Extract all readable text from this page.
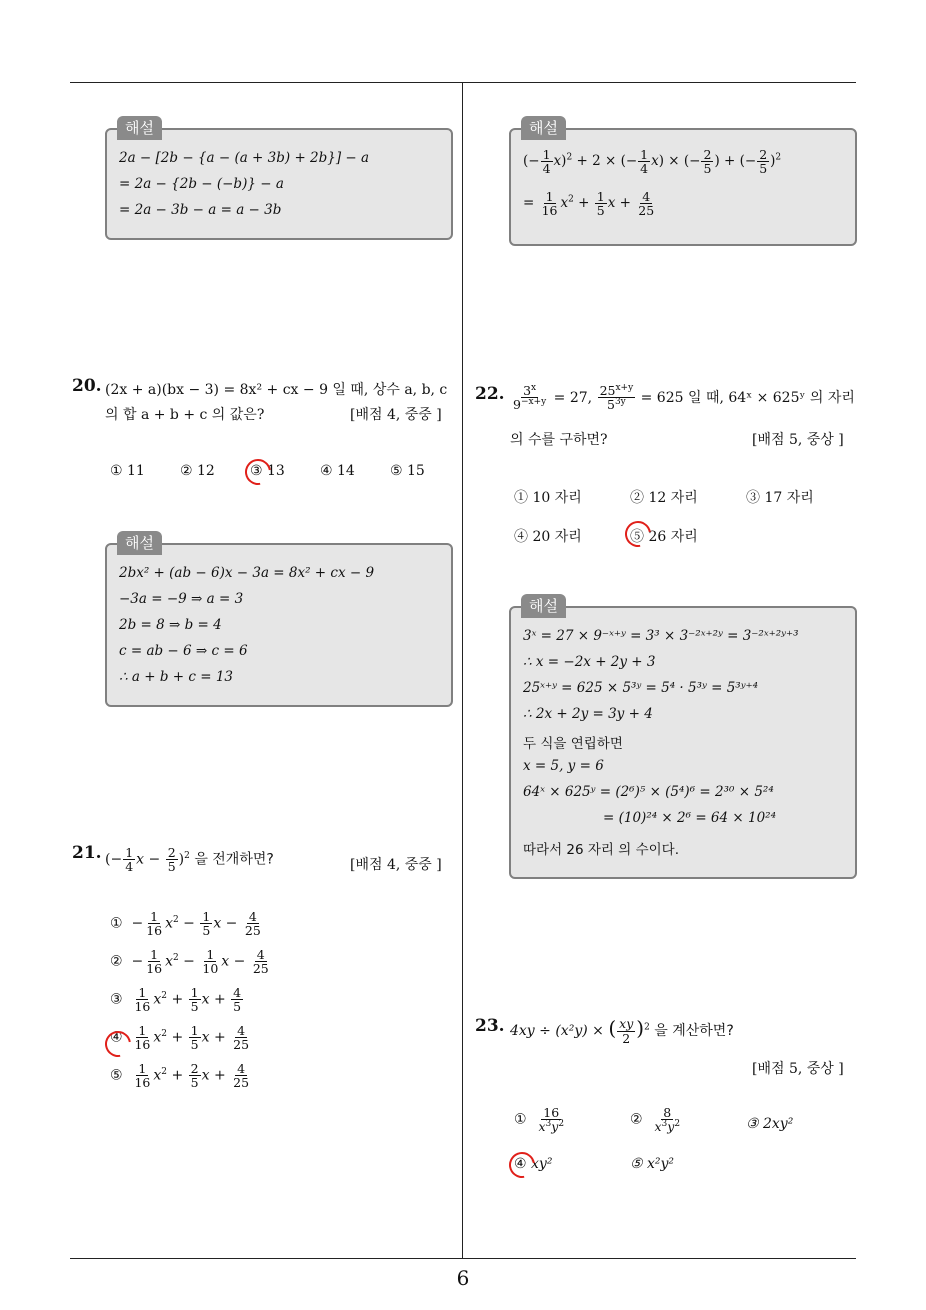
6
해설
2a − [2b − {a − (a + 3b) + 2b}] − a
= 2a − {2b − (−b)} − a
= 2a − 3b − a = a − 3b
20. (2x + a)(bx − 3) = 8x² + cx − 9 일 때, 상수 a, b, c
의 합 a + b + c 의 값은?	[배점 4, 중중 ]
① 11	② 12	③ 13	④ 14	⑤ 15
해설
2bx² + (ab − 6)x − 3a = 8x² + cx − 9
−3a = −9 ⇒ a = 3
2b = 8 ⇒ b = 4
c = ab − 6 ⇒ c = 6
∴ a + b + c = 13
21. (− $\frac{1}{4}$ $x - \frac{2}{5} )^2$ 을 전개하면?	[배점 4, 중중 ]
①  − $\frac{1}{16} x^2 - \frac{1}{5}$ $x - \frac{4}{25}$
②  − $\frac{1}{16} x^2 - \frac{1}{10}$ $x - \frac{4}{25}$
③ $\frac{1}{16} x^2 + \frac{1}{5}$ $x + \frac{4}{5}$
④ $\frac{1}{16} x^2 + \frac{1}{5}$ $x + \frac{4}{25}$
⑤ $\frac{1}{16} x^2 + \frac{2}{5}$ $x + \frac{4}{25}$
해설
(− $\frac{1}{4} x)^2 + 2$ × (− $\frac{1}{4} x$) × (− $\frac{2}{5}$ ) + (− $\frac{2}{5} )^2$
= $\frac{1}{16} x^2 + \frac{1}{5}$ $x + \frac{4}{25}$
22. $\frac{3^x}{9^{-x+y}} = 27$, $\frac{25^{x+y}}{5^{3y}} = 625$ 일 때, 64ˣ × 625ʸ 의 자리
의 수를 구하면?	[배점 5, 중상 ]
① 10 자리	② 12 자리	③ 17 자리
④ 20 자리	⑤ 26 자리
해설
3ˣ = 27 × 9⁻ˣ⁺ʸ = 3³ × 3⁻²ˣ⁺²ʸ = 3⁻²ˣ⁺²ʸ⁺³
∴ x = −2x + 2y + 3
25ˣ⁺ʸ = 625 × 5³ʸ = 5⁴ · 5³ʸ = 5³ʸ⁺⁴
∴ 2x + 2y = 3y + 4
두 식을 연립하면
x = 5, y = 6
64ˣ × 625ʸ = (2⁶)⁵ × (5⁴)⁶ = 2³⁰ × 5²⁴
= (10)²⁴ × 2⁶ = 64 × 10²⁴
따라서 26 자리 의 수이다.
23. 4xy ÷ (x²y) × ( $\frac{xy}{2} )^2$ 을 계산하면?
[배점 5, 중상 ]
① $\frac{16}{x^3y^2}$	② $\frac{8}{x^3y^2}$	③ 2xy²
④ xy²	⑤ x²y²
